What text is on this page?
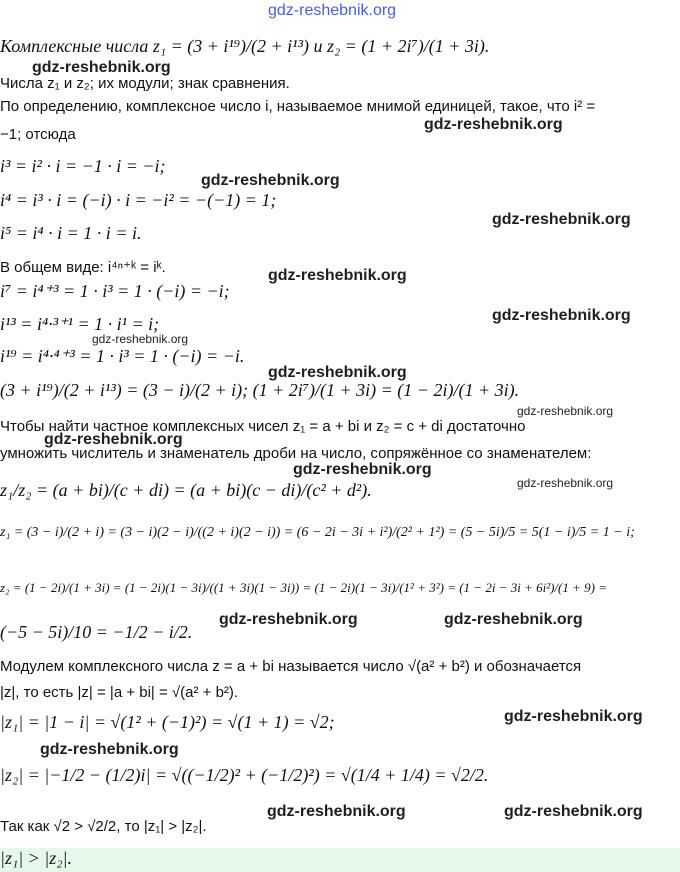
gdz-reshebnik.org
Комплексные числа z₁ = (3 + i¹⁹)/(2 + i¹³) и z₂ = (1 + 2i⁷)/(1 + 3i).
Числа z₁ и z₂; их модули; знак сравнения.
По определению, комплексное число i, называемое мнимой единицей, такое, что i² =
−1; отсюда
i³ = i² · i = −1 · i = −i;
i⁴ = i³ · i = (−i) · i = −i² = −(−1) = 1;
i⁵ = i⁴ · i = 1 · i = i.
В общем виде: i⁴ⁿ⁺ᵏ = iᵏ.
i⁷ = i⁴⁺³ = 1 · i³ = 1 · (−i) = −i;
i¹³ = i⁴·³⁺¹ = 1 · i¹ = i;
i¹⁹ = i⁴·⁴⁺³ = 1 · i³ = 1 · (−i) = −i.
(3 + i¹⁹)/(2 + i¹³) = (3 − i)/(2 + i); (1 + 2i⁷)/(1 + 3i) = (1 − 2i)/(1 + 3i).
Чтобы найти частное комплексных чисел z₁ = a + bi и z₂ = c + di достаточно
умножить числитель и знаменатель дроби на число, сопряжённое со знаменателем:
z₁/z₂ = (a + bi)/(c + di) = (a + bi)(c − di)/(c² + d²).
z₁ = (3 − i)/(2 + i) = (3 − i)(2 − i)/((2 + i)(2 − i)) = (6 − 2i − 3i + i²)/(2² + 1²) = (5 − 5i)/5 = 5(1 − i)/5 = 1 − i;
z₂ = (1 − 2i)/(1 + 3i) = (1 − 2i)(1 − 3i)/((1 + 3i)(1 − 3i)) = (1 − 2i)(1 − 3i)/(1² + 3²) = (1 − 2i − 3i + 6i²)/(1 + 9) =
(−5 − 5i)/10 = −1/2 − i/2.
Модулем комплексного числа z = a + bi называется число √(a² + b²) и обозначается
|z|, то есть |z| = |a + bi| = √(a² + b²).
|z₁| = |1 − i| = √(1² + (−1)²) = √(1 + 1) = √2;
|z₂| = |−1/2 − (1/2)i| = √((−1/2)² + (−1/2)²) = √(1/4 + 1/4) = √2/2.
Так как √2 > √2/2, то |z₁| > |z₂|.
|z₁| > |z₂|.
gdz-reshebnik.org
gdz-reshebnik.org
gdz-reshebnik.org
gdz-reshebnik.org
gdz-reshebnik.org
gdz-reshebnik.org
gdz-reshebnik.org
gdz-reshebnik.org
gdz-reshebnik.org
gdz-reshebnik.org
gdz-reshebnik.org
gdz-reshebnik.org
gdz-reshebnik.org	gdz-reshebnik.org
gdz-reshebnik.org
gdz-reshebnik.org
gdz-reshebnik.org	gdz-reshebnik.org
